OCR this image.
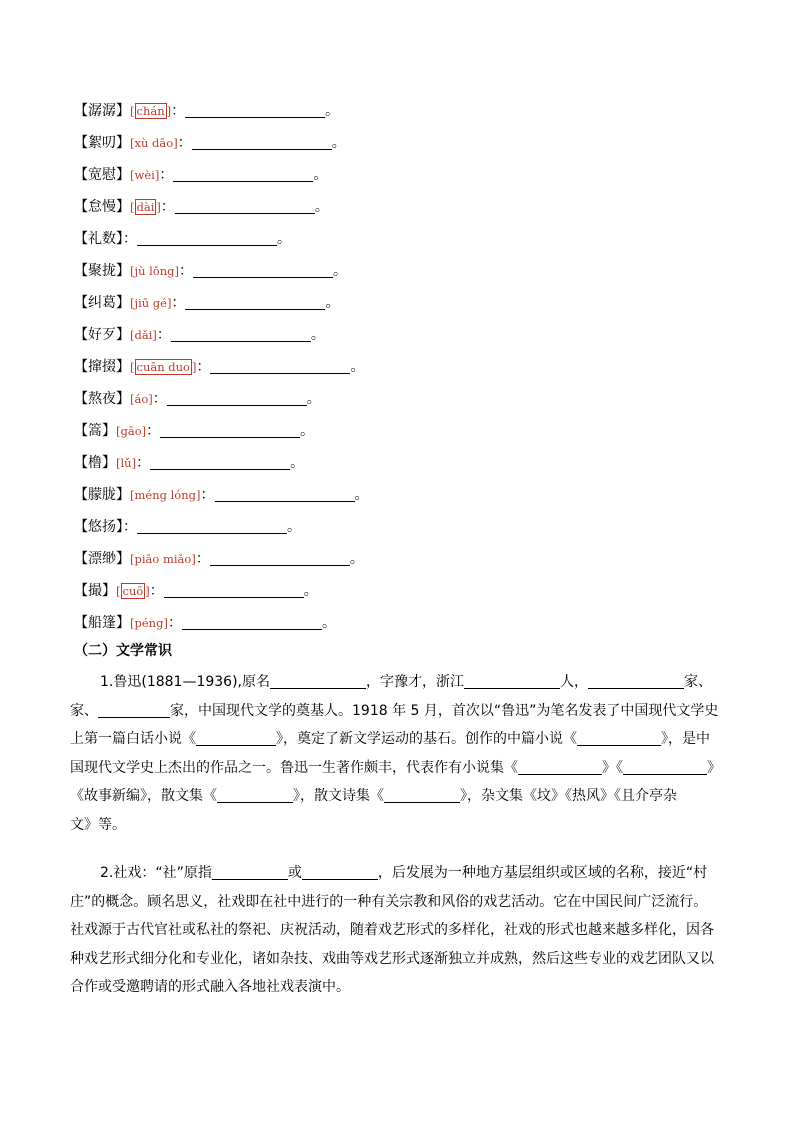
【潺潺】[ chán ]：	。
【絮叨】[xù dāo]：	。
【宽慰】[wèi]：	。
【怠慢】[ dài ]：	。
【礼数】：	。
【聚拢】[jù lǒng]：	。
【纠葛】[jiū gé]：	。
【好歹】[dǎi]：	。
【撺掇】[ cuān duo ]：	。
【熬夜】[áo]：	。
【篙】[gāo]：	。
【橹】[lǔ]：	。
【朦胧】[méng lóng]：	。
【悠扬】：	。
【漂缈】[piāo miǎo]：	。
【撮】[ cuō ]：	。
【船篷】[péng]：	。
（二）文学常识
1.鲁迅(1881—1936),原名	，字豫才，浙江	人，	家、
家、	家，中国现代文学的奠基人。1918 年 5 月，首次以“鲁迅”为笔名发表了中国现代文学史
上第一篇白话小说《	》，奠定了新文学运动的基石。创作的中篇小说《	》，是中
国现代文学史上杰出的作品之一。鲁迅一生著作颇丰，代表作有小说集《	》《	》
《故事新编》，散文集《	》，散文诗集《	》，杂文集《坟》《热风》《且介亭杂
文》等。
2.社戏：“社”原指	或	，后发展为一种地方基层组织或区域的名称，接近“村
庄”的概念。顾名思义，社戏即在社中进行的一种有关宗教和风俗的戏艺活动。它在中国民间广泛流行。
社戏源于古代官社或私社的祭祀、庆祝活动，随着戏艺形式的多样化，社戏的形式也越来越多样化，因各
种戏艺形式细分化和专业化，诸如杂技、戏曲等戏艺形式逐渐独立并成熟，然后这些专业的戏艺团队又以
合作或受邀聘请的形式融入各地社戏表演中。
